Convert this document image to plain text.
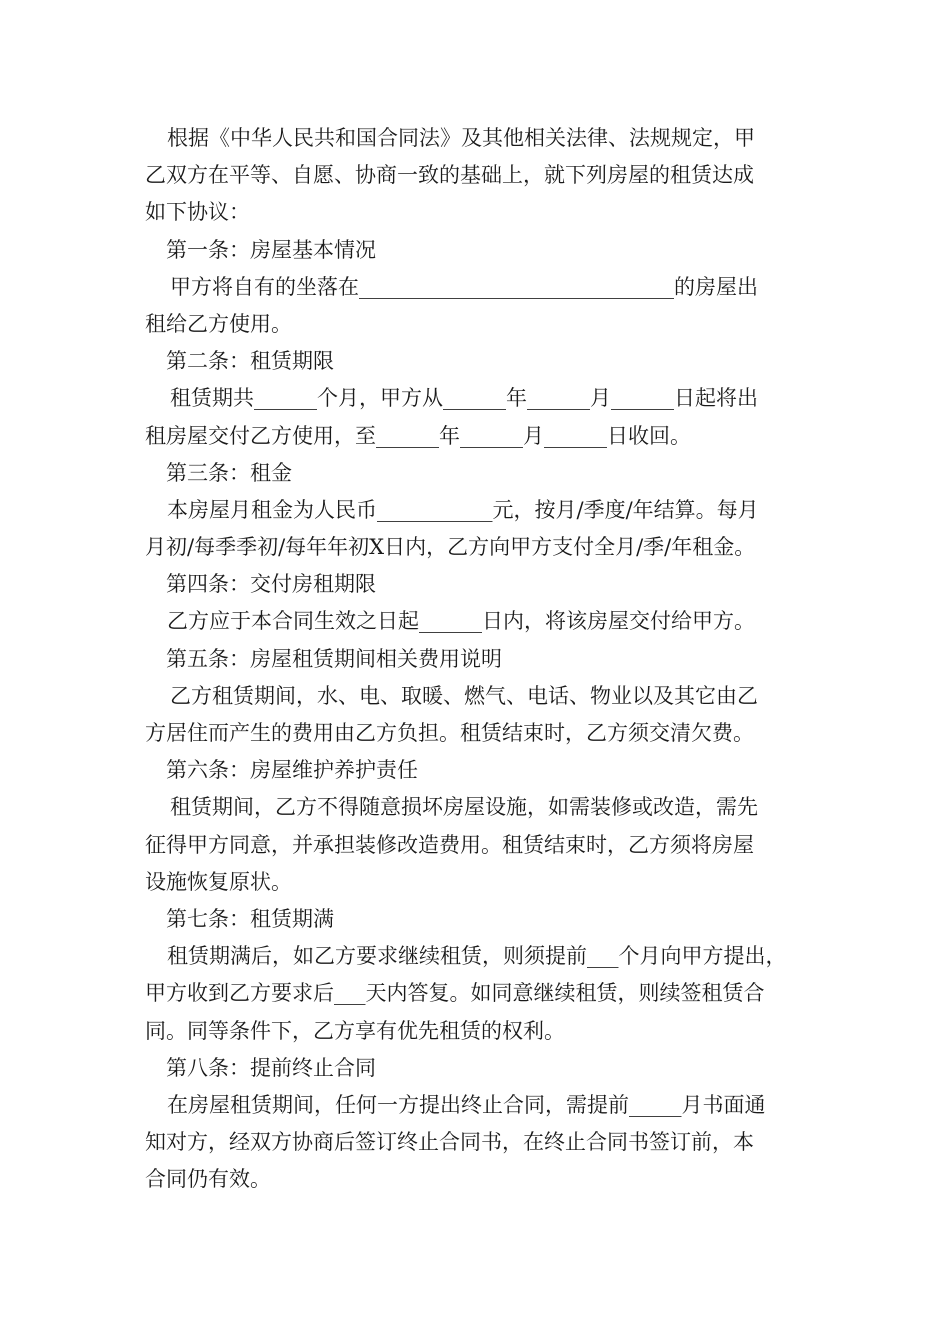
根据《中华人民共和国合同法》及其他相关法律、法规规定，甲
乙双方在平等、自愿、协商一致的基础上，就下列房屋的租赁达成
如下协议：
第一条：房屋基本情况
甲方将自有的坐落在______________________________的房屋出
租给乙方使用。
第二条：租赁期限
租赁期共______个月，甲方从______年______月______日起将出
租房屋交付乙方使用，至______年______月______日收回。
第三条：租金
本房屋月租金为人民币___________元，按月/季度/年结算。每月
月初/每季季初/每年年初X日内，乙方向甲方支付全月/季/年租金。
第四条：交付房租期限
乙方应于本合同生效之日起______日内，将该房屋交付给甲方。
第五条：房屋租赁期间相关费用说明
乙方租赁期间，水、电、取暖、燃气、电话、物业以及其它由乙
方居住而产生的费用由乙方负担。租赁结束时，乙方须交清欠费。
第六条：房屋维护养护责任
租赁期间，乙方不得随意损坏房屋设施，如需装修或改造，需先
征得甲方同意，并承担装修改造费用。租赁结束时，乙方须将房屋
设施恢复原状。
第七条：租赁期满
租赁期满后，如乙方要求继续租赁，则须提前___个月向甲方提出，
甲方收到乙方要求后___天内答复。如同意继续租赁，则续签租赁合
同。同等条件下，乙方享有优先租赁的权利。
第八条：提前终止合同
在房屋租赁期间，任何一方提出终止合同，需提前_____月书面通
知对方，经双方协商后签订终止合同书，在终止合同书签订前，本
合同仍有效。
